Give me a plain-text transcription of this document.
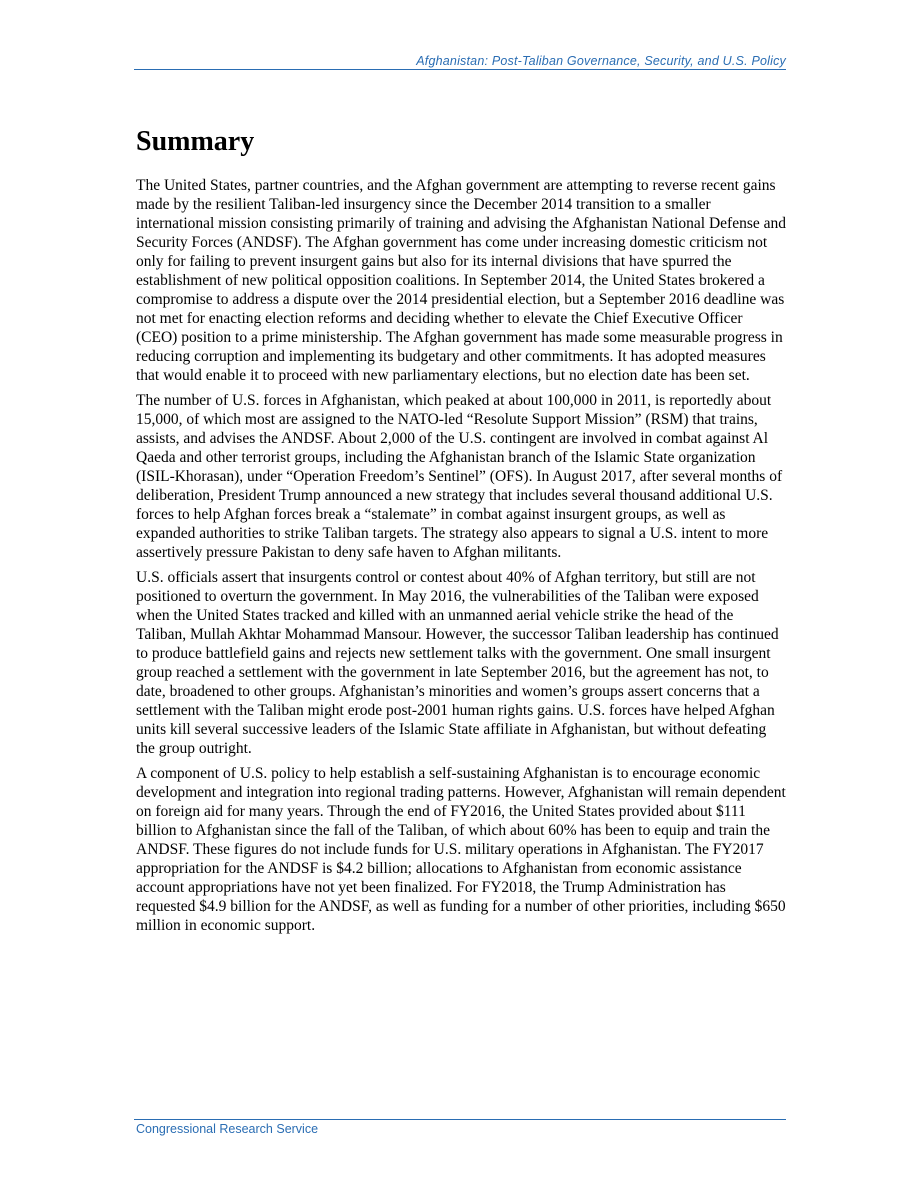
Afghanistan: Post-Taliban Governance, Security, and U.S. Policy
Summary

The United States, partner countries, and the Afghan government are attempting to reverse recent gains made by the resilient Taliban-led insurgency since the December 2014 transition to a smaller international mission consisting primarily of training and advising the Afghanistan National Defense and Security Forces (ANDSF). The Afghan government has come under increasing domestic criticism not only for failing to prevent insurgent gains but also for its internal divisions that have spurred the establishment of new political opposition coalitions. In September 2014, the United States brokered a compromise to address a dispute over the 2014 presidential election, but a September 2016 deadline was not met for enacting election reforms and deciding whether to elevate the Chief Executive Officer (CEO) position to a prime ministership. The Afghan government has made some measurable progress in reducing corruption and implementing its budgetary and other commitments. It has adopted measures that would enable it to proceed with new parliamentary elections, but no election date has been set.

The number of U.S. forces in Afghanistan, which peaked at about 100,000 in 2011, is reportedly about 15,000, of which most are assigned to the NATO-led “Resolute Support Mission” (RSM) that trains, assists, and advises the ANDSF. About 2,000 of the U.S. contingent are involved in combat against Al Qaeda and other terrorist groups, including the Afghanistan branch of the Islamic State organization (ISIL-Khorasan), under “Operation Freedom’s Sentinel” (OFS). In August 2017, after several months of deliberation, President Trump announced a new strategy that includes several thousand additional U.S. forces to help Afghan forces break a “stalemate” in combat against insurgent groups, as well as expanded authorities to strike Taliban targets. The strategy also appears to signal a U.S. intent to more assertively pressure Pakistan to deny safe haven to Afghan militants.

U.S. officials assert that insurgents control or contest about 40% of Afghan territory, but still are not positioned to overturn the government. In May 2016, the vulnerabilities of the Taliban were exposed when the United States tracked and killed with an unmanned aerial vehicle strike the head of the Taliban, Mullah Akhtar Mohammad Mansour. However, the successor Taliban leadership has continued to produce battlefield gains and rejects new settlement talks with the government. One small insurgent group reached a settlement with the government in late September 2016, but the agreement has not, to date, broadened to other groups. Afghanistan’s minorities and women’s groups assert concerns that a settlement with the Taliban might erode post-2001 human rights gains. U.S. forces have helped Afghan units kill several successive leaders of the Islamic State affiliate in Afghanistan, but without defeating the group outright.

A component of U.S. policy to help establish a self-sustaining Afghanistan is to encourage economic development and integration into regional trading patterns. However, Afghanistan will remain dependent on foreign aid for many years. Through the end of FY2016, the United States provided about $111 billion to Afghanistan since the fall of the Taliban, of which about 60% has been to equip and train the ANDSF. These figures do not include funds for U.S. military operations in Afghanistan. The FY2017 appropriation for the ANDSF is $4.2 billion; allocations to Afghanistan from economic assistance account appropriations have not yet been finalized. For FY2018, the Trump Administration has requested $4.9 billion for the ANDSF, as well as funding for a number of other priorities, including $650 million in economic support.

Congressional Research Service
